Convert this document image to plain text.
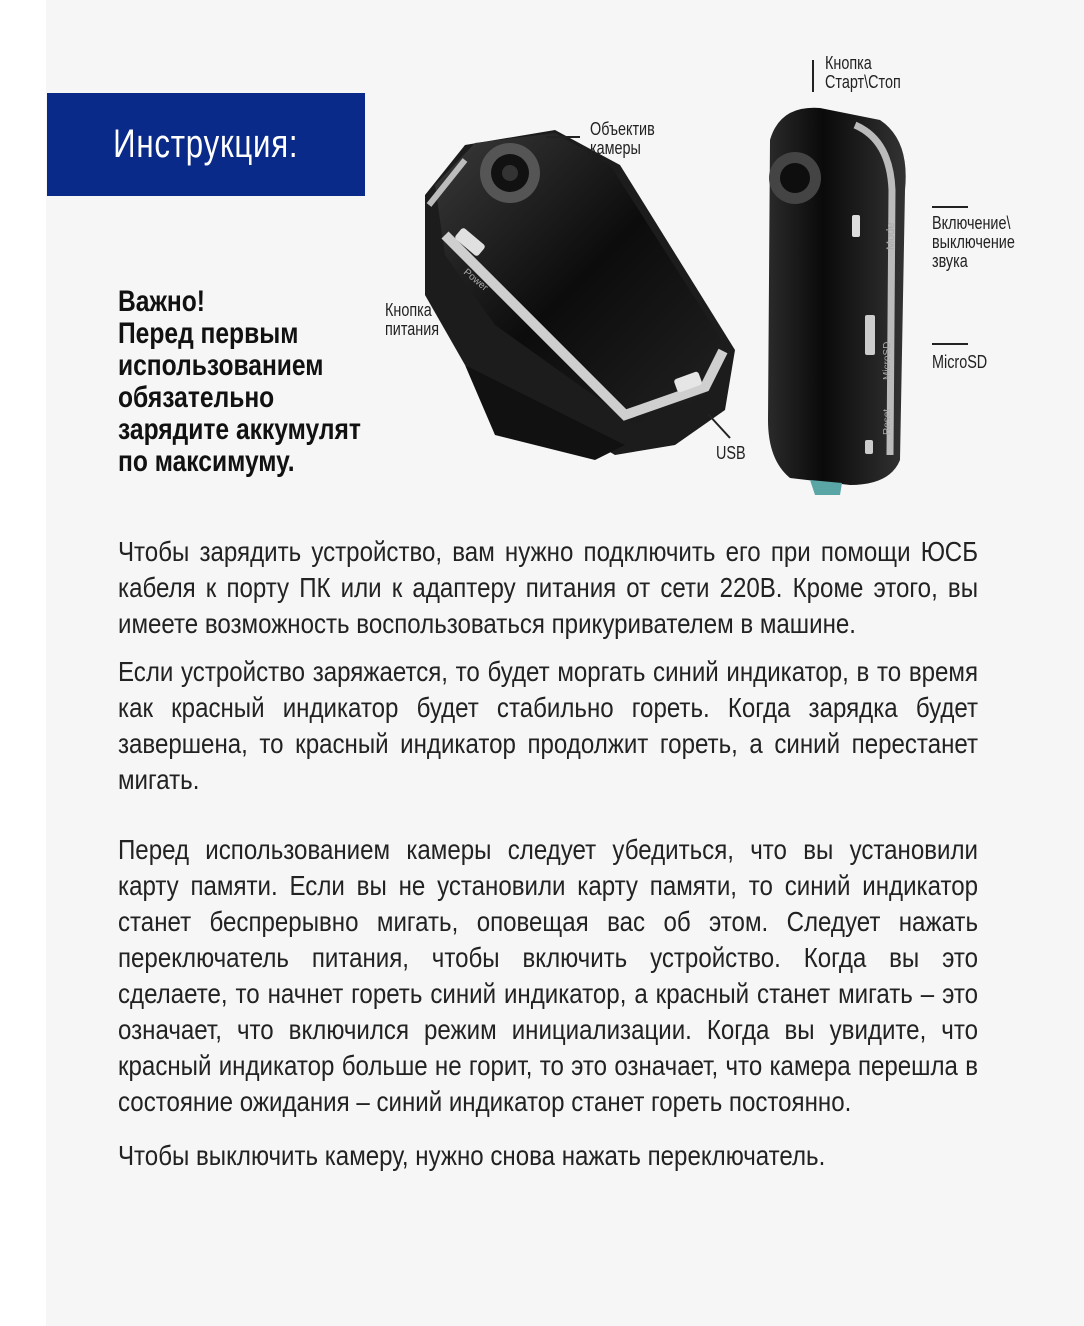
Инструкция:
Важно!
Перед первым
использованием
обязательно
зарядите аккумулят
по максимуму.
Power
Mode
MicroSD
Reset
Кнопка
Старт\Стоп
Объектив
камеры
Включение\
выключение
звука
Кнопка
питания
MicroSD
USB

Чтобы зарядить устройство, вам нужно подключить его при помощи ЮСБ кабеля к порту ПК или к адаптеру питания от сети 220В. Кроме этого, вы имеете возможность воспользоваться прикуривателем в машине.

Если устройство заряжается, то будет моргать синий индикатор, в то время как красный индикатор будет стабильно гореть. Когда зарядка будет завершена, то красный индикатор продолжит гореть, а синий перестанет мигать.

Перед использованием камеры следует убедиться, что вы установили карту памяти. Если вы не установили карту памяти, то синий индикатор станет беспрерывно мигать, оповещая вас об этом. Следует нажать переключатель питания, чтобы включить устройство. Когда вы это сделаете, то начнет гореть синий индикатор, а красный станет мигать – это означает, что включился режим инициализации. Когда вы увидите, что красный индикатор больше не горит, то это означает, что камера перешла в состояние ожидания – синий индикатор станет гореть постоянно.

Чтобы выключить камеру, нужно снова нажать переключатель.
